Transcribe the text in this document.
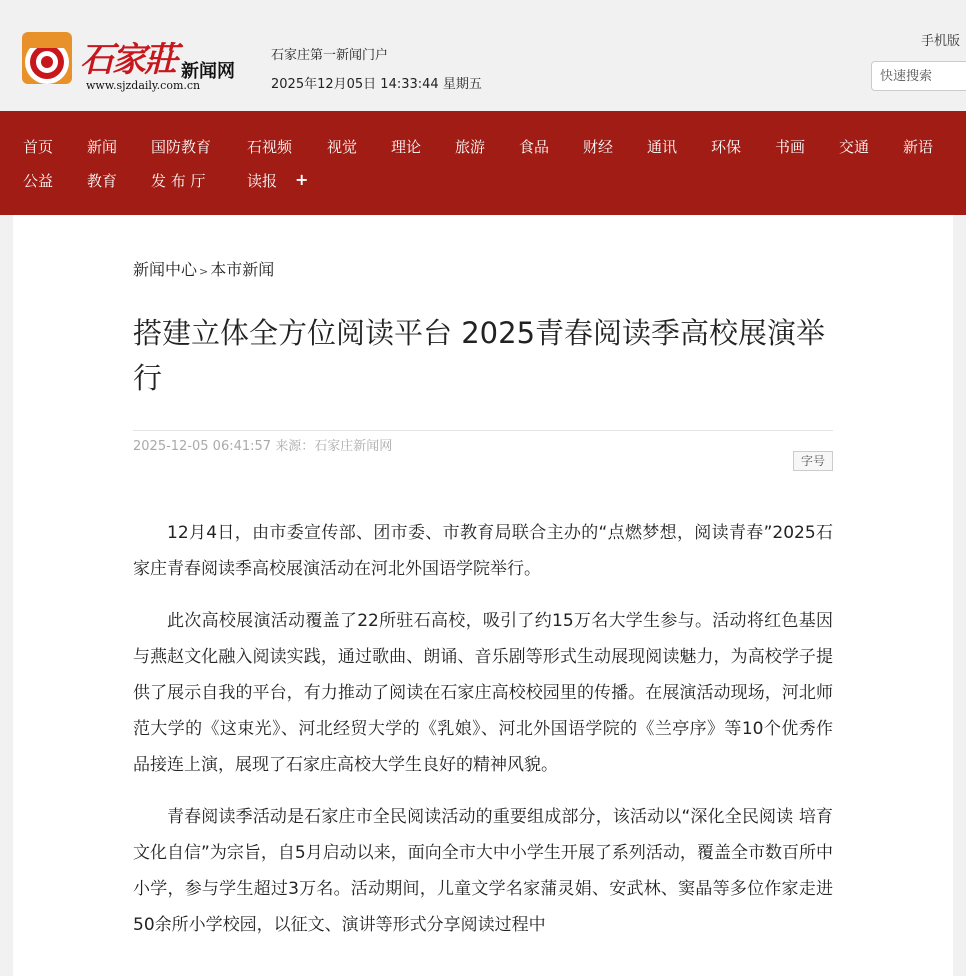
石家莊 新闻网
www.sjzdaily.com.cn
石家庄第一新闻门户
2025年12月05日 14:33:44 星期五
手机版
快速搜索
首页 新闻 国防教育 石视频 视觉 理论 旅游 食品 财经 通讯 环保 书画 交通 新语
公益 教育 发 布 厅	读报 +
新闻中心 > 本市新闻
搭建立体全方位阅读平台 2025青春阅读季高校展演举行
2025-12-05 06:41:57 来源：石家庄新闻网
字号

12月4日，由市委宣传部、团市委、市教育局联合主办的“点燃梦想，阅读青春”2025石家庄青春阅读季高校展演活动在河北外国语学院举行。

此次高校展演活动覆盖了22所驻石高校，吸引了约15万名大学生参与。活动将红色基因与燕赵文化融入阅读实践，通过歌曲、朗诵、音乐剧等形式生动展现阅读魅力，为高校学子提供了展示自我的平台，有力推动了阅读在石家庄高校校园里的传播。在展演活动现场，河北师范大学的《这束光》、河北经贸大学的《乳娘》、河北外国语学院的《兰亭序》等10个优秀作品接连上演，展现了石家庄高校大学生良好的精神风貌。

青春阅读季活动是石家庄市全民阅读活动的重要组成部分，该活动以“深化全民阅读 培育文化自信”为宗旨，自5月启动以来，面向全市大中小学生开展了系列活动，覆盖全市数百所中小学，参与学生超过3万名。活动期间，儿童文学名家蒲灵娟、安武林、窦晶等多位作家走进50余所小学校园，以征文、演讲等形式分享阅读过程中
